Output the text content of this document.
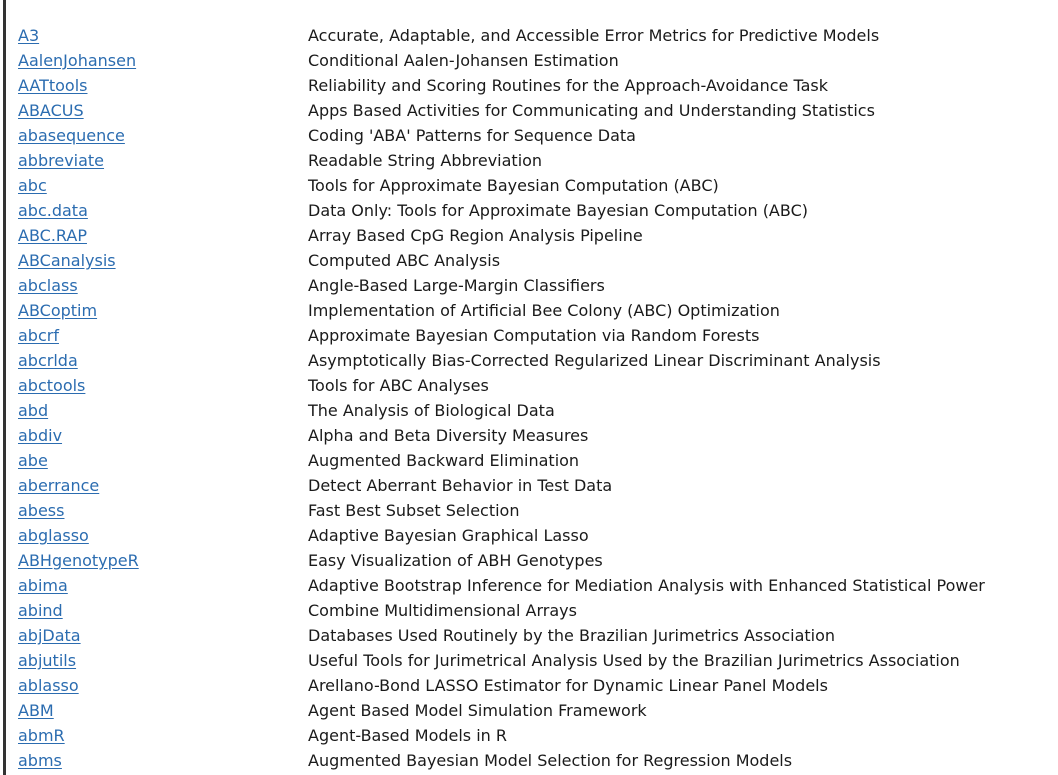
A3	Accurate, Adaptable, and Accessible Error Metrics for Predictive Models
AalenJohansen	Conditional Aalen-Johansen Estimation
AATtools	Reliability and Scoring Routines for the Approach-Avoidance Task
ABACUS	Apps Based Activities for Communicating and Understanding Statistics
abasequence	Coding 'ABA' Patterns for Sequence Data
abbreviate	Readable String Abbreviation
abc	Tools for Approximate Bayesian Computation (ABC)
abc.data	Data Only: Tools for Approximate Bayesian Computation (ABC)
ABC.RAP	Array Based CpG Region Analysis Pipeline
ABCanalysis	Computed ABC Analysis
abclass	Angle-Based Large-Margin Classifiers
ABCoptim	Implementation of Artificial Bee Colony (ABC) Optimization
abcrf	Approximate Bayesian Computation via Random Forests
abcrlda	Asymptotically Bias-Corrected Regularized Linear Discriminant Analysis
abctools	Tools for ABC Analyses
abd	The Analysis of Biological Data
abdiv	Alpha and Beta Diversity Measures
abe	Augmented Backward Elimination
aberrance	Detect Aberrant Behavior in Test Data
abess	Fast Best Subset Selection
abglasso	Adaptive Bayesian Graphical Lasso
ABHgenotypeR	Easy Visualization of ABH Genotypes
abima	Adaptive Bootstrap Inference for Mediation Analysis with Enhanced Statistical Power
abind	Combine Multidimensional Arrays
abjData	Databases Used Routinely by the Brazilian Jurimetrics Association
abjutils	Useful Tools for Jurimetrical Analysis Used by the Brazilian Jurimetrics Association
ablasso	Arellano-Bond LASSO Estimator for Dynamic Linear Panel Models
ABM	Agent Based Model Simulation Framework
abmR	Agent-Based Models in R
abms	Augmented Bayesian Model Selection for Regression Models
